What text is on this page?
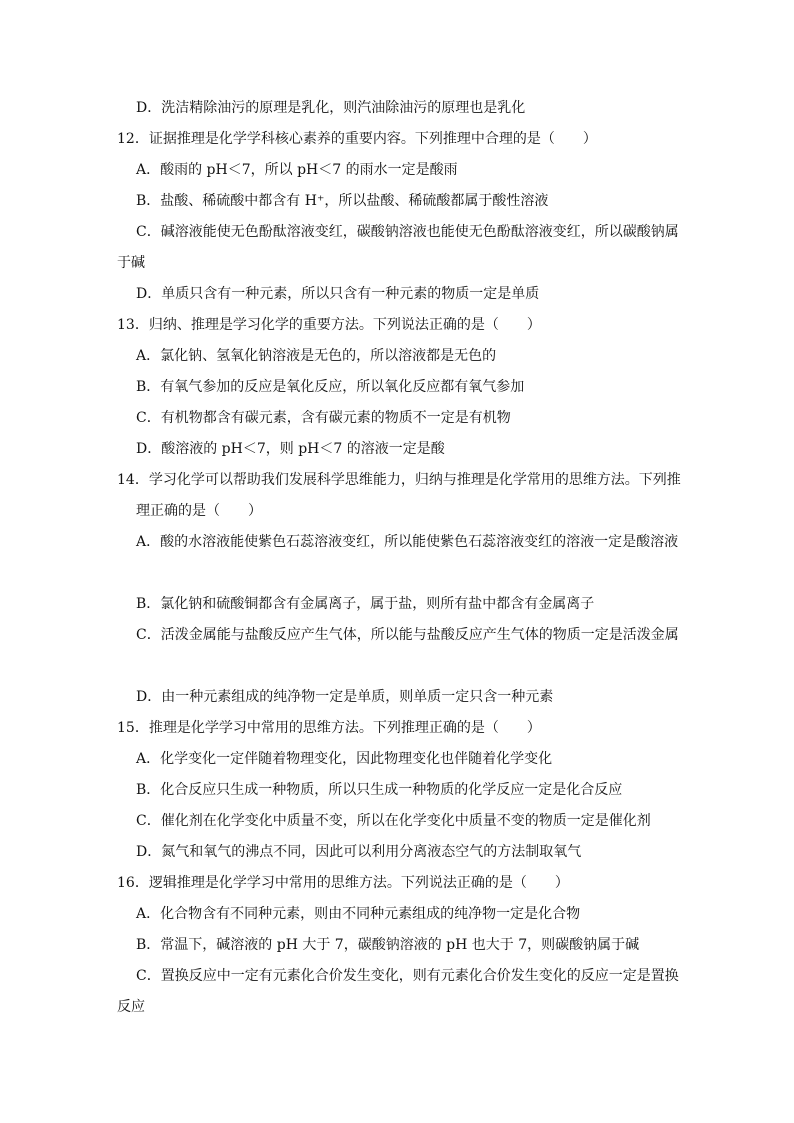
D．洗洁精除油污的原理是乳化，则汽油除油污的原理也是乳化
12．证据推理是化学学科核心素养的重要内容。下列推理中合理的是（　　）
A．酸雨的 pH＜7，所以 pH＜7 的雨水一定是酸雨
B．盐酸、稀硫酸中都含有 H⁺，所以盐酸、稀硫酸都属于酸性溶液
C．碱溶液能使无色酚酞溶液变红，碳酸钠溶液也能使无色酚酞溶液变红，所以碳酸钠属
于碱
D．单质只含有一种元素，所以只含有一种元素的物质一定是单质
13．归纳、推理是学习化学的重要方法。下列说法正确的是（　　）
A．氯化钠、氢氧化钠溶液是无色的，所以溶液都是无色的
B．有氧气参加的反应是氧化反应，所以氧化反应都有氧气参加
C．有机物都含有碳元素，含有碳元素的物质不一定是有机物
D．酸溶液的 pH＜7，则 pH＜7 的溶液一定是酸
14．学习化学可以帮助我们发展科学思维能力，归纳与推理是化学常用的思维方法。下列推
理正确的是（　　）
A．酸的水溶液能使紫色石蕊溶液变红，所以能使紫色石蕊溶液变红的溶液一定是酸溶液
B．氯化钠和硫酸铜都含有金属离子，属于盐，则所有盐中都含有金属离子
C．活泼金属能与盐酸反应产生气体，所以能与盐酸反应产生气体的物质一定是活泼金属
D．由一种元素组成的纯净物一定是单质，则单质一定只含一种元素
15．推理是化学学习中常用的思维方法。下列推理正确的是（　　）
A．化学变化一定伴随着物理变化，因此物理变化也伴随着化学变化
B．化合反应只生成一种物质，所以只生成一种物质的化学反应一定是化合反应
C．催化剂在化学变化中质量不变，所以在化学变化中质量不变的物质一定是催化剂
D．氮气和氧气的沸点不同，因此可以利用分离液态空气的方法制取氧气
16．逻辑推理是化学学习中常用的思维方法。下列说法正确的是（　　）
A．化合物含有不同种元素，则由不同种元素组成的纯净物一定是化合物
B．常温下，碱溶液的 pH 大于 7，碳酸钠溶液的 pH 也大于 7，则碳酸钠属于碱
C．置换反应中一定有元素化合价发生变化，则有元素化合价发生变化的反应一定是置换
反应
